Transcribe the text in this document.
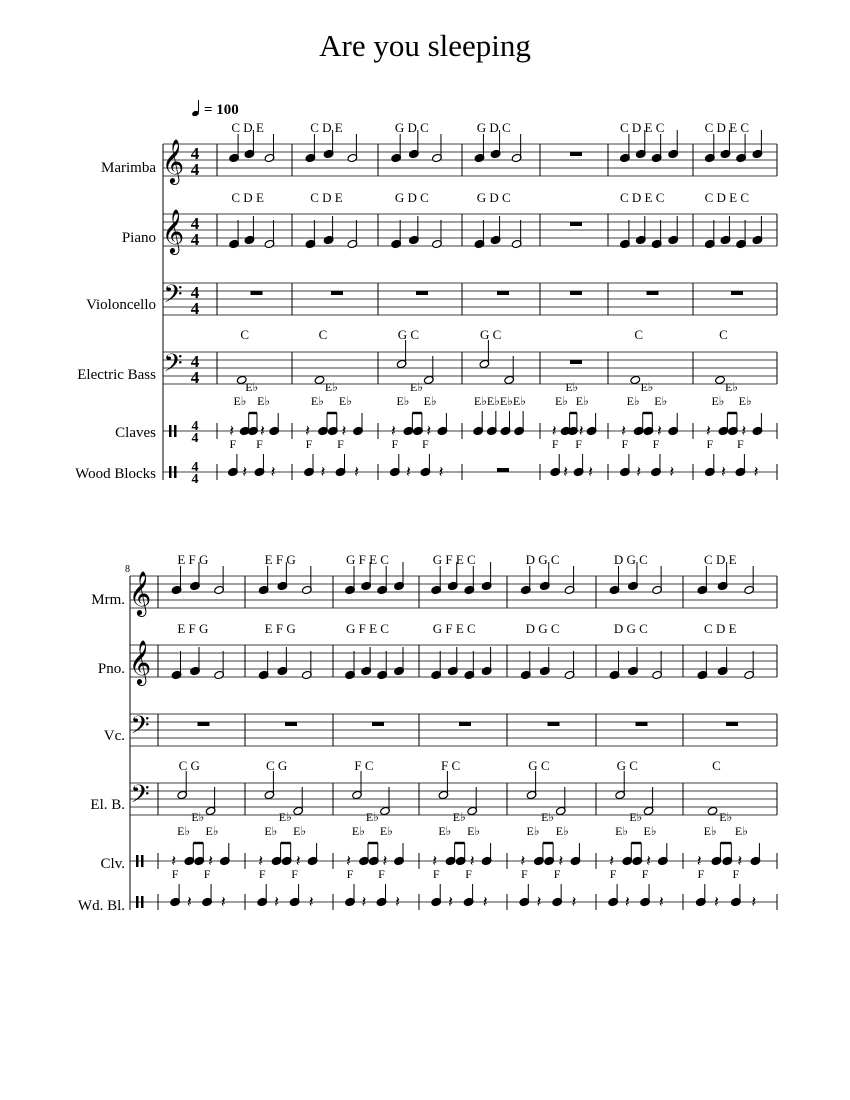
Are you sleeping
= 100
Marimba
Piano
Violoncello
Electric Bass
Claves
Wood Blocks
Mrm.
Pno.
Vc.
El. B.
Clv.
Wd. Bl.
8
𝄞
𝄞
𝄢
𝄢
4
4
4
4
4
4
4
4
4
4
4
4
C D E
C D E
C
𝄽 𝄽
E♭ E♭
E♭
𝄽 𝄽
F F
C D E
C D E
C
𝄽 𝄽
E♭ E♭
E♭
𝄽 𝄽
F F
G D C
G D C
G C
𝄽 𝄽
E♭ E♭
E♭
𝄽 𝄽
F F
G D C
G D C
G C
E♭E♭E♭E♭
𝄽 𝄽
E♭ E♭
E♭
𝄽 𝄽
F F
C D E C
C D E C
C
𝄽 𝄽
E♭ E♭
E♭
𝄽 𝄽
F F
C D E C
C D E C
C
𝄽 𝄽
E♭ E♭
E♭
𝄽 𝄽
F F
𝄞
𝄞
𝄢
𝄢
E F G
E F G
C G
𝄽 𝄽
E♭ E♭
E♭
𝄽 𝄽
F F
E F G
E F G
C G
𝄽 𝄽
E♭ E♭
E♭
𝄽 𝄽
F F
G F E C
G F E C
F C
𝄽 𝄽
E♭ E♭
E♭
𝄽 𝄽
F F
G F E C
G F E C
F C
𝄽 𝄽
E♭ E♭
E♭
𝄽 𝄽
F F
D G C
D G C
G C
𝄽 𝄽
E♭ E♭
E♭
𝄽 𝄽
F F
D G C
D G C
G C
𝄽 𝄽
E♭ E♭
E♭
𝄽 𝄽
F F
C D E
C D E
C
𝄽 𝄽
E♭ E♭
E♭
𝄽 𝄽
F F
